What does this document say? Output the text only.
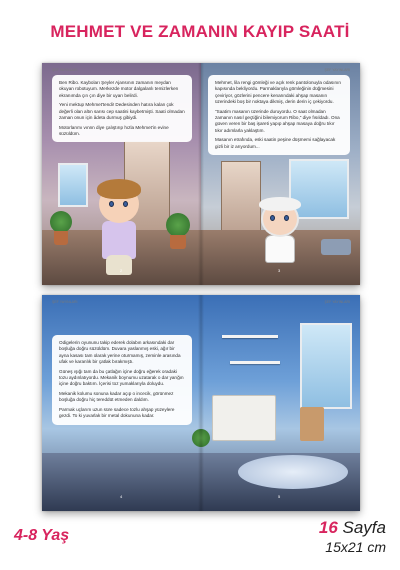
MEHMET VE ZAMANIN KAYIP SAATİ
ŞEF YAYINLARI	ŞEF YAYINLARI

Ben Ribo. Kayboları Şeyler Ajansının zamanın meydan okuyan robotuyum. Merkezde motor dalgalanlı temizlerken ekranımda çın çın diye bir uyarı belirdi.

Yeni mektup Mehmet'tendi! Dedesinden hatıra kalan çok değerli olan altın sarısı cep saatini kaybetmişti. Saati olmadan zaman onun için âdeta durmuş gibiydi.

Motorlarımı vınnn diye çalıştırıp hızla Mehmet'in evine süzüldüm.

Mehmet, lila rengi gömleği ve açık renk pantolonuyla odasının kapısında bekliyordu. Parmaklarıyla gömleğinin düğmesini çeviriyor, gözlerini pencere kenarındaki ahşap masanın üzerindeki boş bir noktaya dikmiş, derin derin iç çekiyordu.

"Saatim masanın üzerinde duruyordu. O saat olmadan zamanın nasıl geçtiğini bilemiyorum Ribo," diye fısıldadı. Ona güven veren bir baş işareti yapıp ahşap masaya doğru tıkır tıkır adımlarla yaklaştım.

Masanın etrafında, eski saatin peşine düşmemi sağlayacak gizli bir iz arıyordum...

2	3
ŞEF YAYINLARI	ŞEF YAYINLARI

Odigelerin oyununu takip ederek dolabın arkasındaki dar boşluğa doğru süzüldüm. Duvara yaslanmış eski, ağır bir ayna kasası tam olarak yerine oturmamış, zeminle arasında ufak ve karanlık bir çatlak bırakmıştı.

Güneş ışığı tam da bu çatlağın içine doğru eğerek oradaki tozu aydınlatıyordu. Mekanik boynumu uzatarak o dar yarığın içine doğru baktım. İçerisi toz yumaklarıyla doluydu.

Mekanik kolumu sonuna kadar açıp o incecik, görünmez boşluğa doğru hiç tereddüt etmeden daldım.

Parmak uçlarım uzun süre sadece tozlu ahşap yüzeylere gezdi. To ki yuvarlak bir metal dokununa kadar.

4	5
4-8 Yaş	16 Sayfa
15x21 cm
